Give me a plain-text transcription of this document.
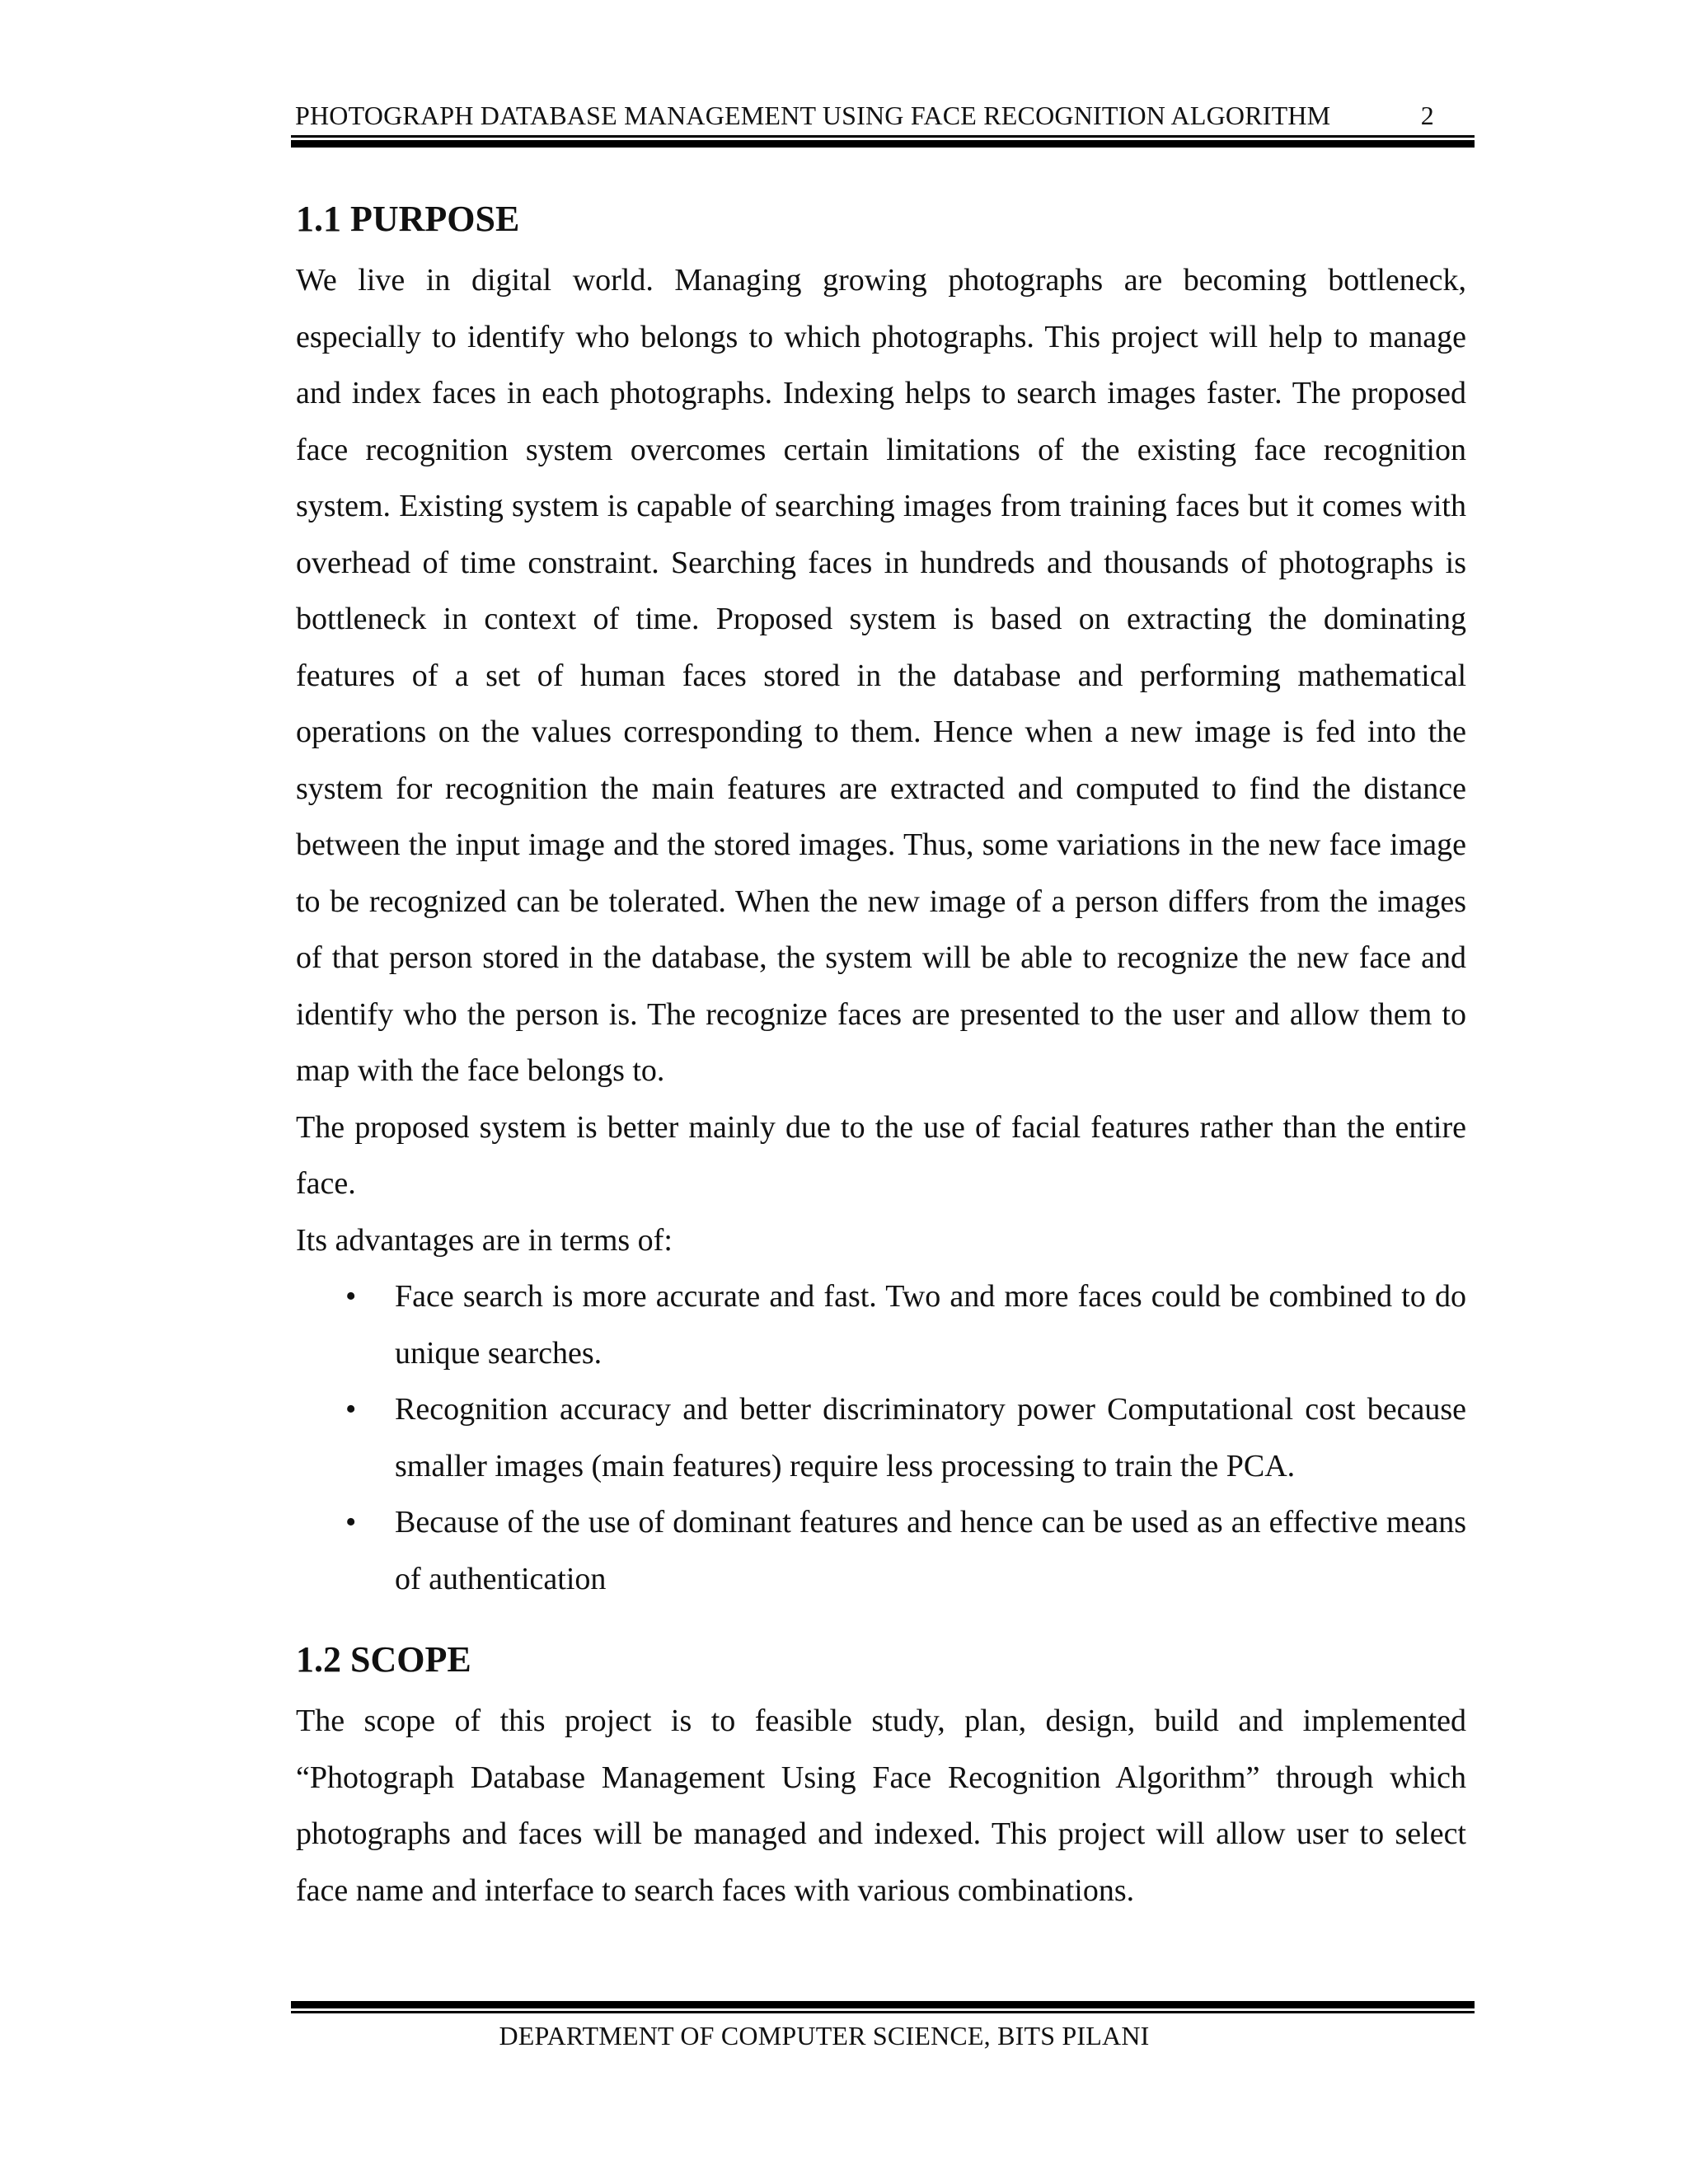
PHOTOGRAPH DATABASE MANAGEMENT USING FACE RECOGNITION ALGORITHM	2
1.1 PURPOSE

We live in digital world. Managing growing photographs are becoming bottleneck, especially to identify who belongs to which photographs. This project will help to manage and index faces in each photographs. Indexing helps to search images faster. The proposed face recognition system overcomes certain limitations of the existing face recognition system. Existing system is capable of searching images from training faces but it comes with overhead of time constraint. Searching faces in hundreds and thousands of photographs is bottleneck in context of time. Proposed system is based on extracting the dominating features of a set of human faces stored in the database and performing mathematical operations on the values corresponding to them. Hence when a new image is fed into the system for recognition the main features are extracted and computed to find the distance between the input image and the stored images. Thus, some variations in the new face image to be recognized can be tolerated. When the new image of a person differs from the images of that person stored in the database, the system will be able to recognize the new face and identify who the person is. The recognize faces are presented to the user and allow them to map with the face belongs to.

The proposed system is better mainly due to the use of facial features rather than the entire face.

Its advantages are in terms of:

• Face search is more accurate and fast. Two and more faces could be combined to do unique searches.
• Recognition accuracy and better discriminatory power Computational cost because smaller images (main features) require less processing to train the PCA.
• Because of the use of dominant features and hence can be used as an effective means of authentication
1.2 SCOPE

The scope of this project is to feasible study, plan, design, build and implemented “Photograph Database Management Using Face Recognition Algorithm” through which photographs and faces will be managed and indexed. This project will allow user to select face name and interface to search faces with various combinations.

DEPARTMENT OF COMPUTER SCIENCE, BITS PILANI
